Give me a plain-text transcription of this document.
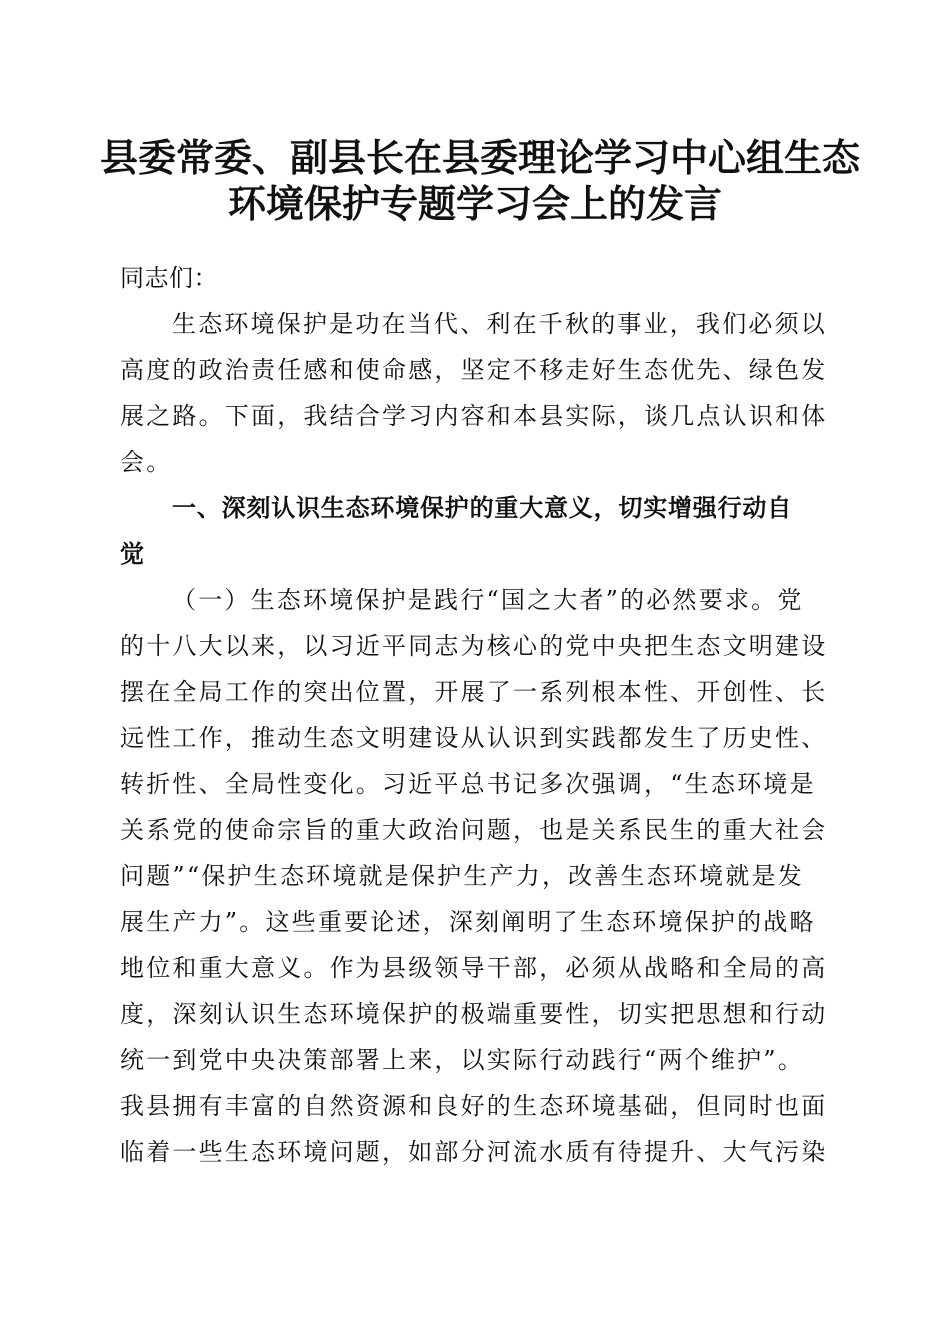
县委常委、副县长在县委理论学习中心组生态
环境保护专题学习会上的发言
同志们：
生态环境保护是功在当代、利在千秋的事业，我们必须以
高度的政治责任感和使命感，坚定不移走好生态优先、绿色发
展之路。下面，我结合学习内容和本县实际，谈几点认识和体
会。
一、深刻认识生态环境保护的重大意义，切实增强行动自
觉
（一）生态环境保护是践行“国之大者”的必然要求。党
的十八大以来，以习近平同志为核心的党中央把生态文明建设
摆在全局工作的突出位置，开展了一系列根本性、开创性、长
远性工作，推动生态文明建设从认识到实践都发生了历史性、
转折性、全局性变化。习近平总书记多次强调，“生态环境是
关系党的使命宗旨的重大政治问题，也是关系民生的重大社会
问题”“保护生态环境就是保护生产力，改善生态环境就是发
展生产力”。这些重要论述，深刻阐明了生态环境保护的战略
地位和重大意义。作为县级领导干部，必须从战略和全局的高
度，深刻认识生态环境保护的极端重要性，切实把思想和行动
统一到党中央决策部署上来，以实际行动践行“两个维护”。
我县拥有丰富的自然资源和良好的生态环境基础，但同时也面
临着一些生态环境问题，如部分河流水质有待提升、大气污染
